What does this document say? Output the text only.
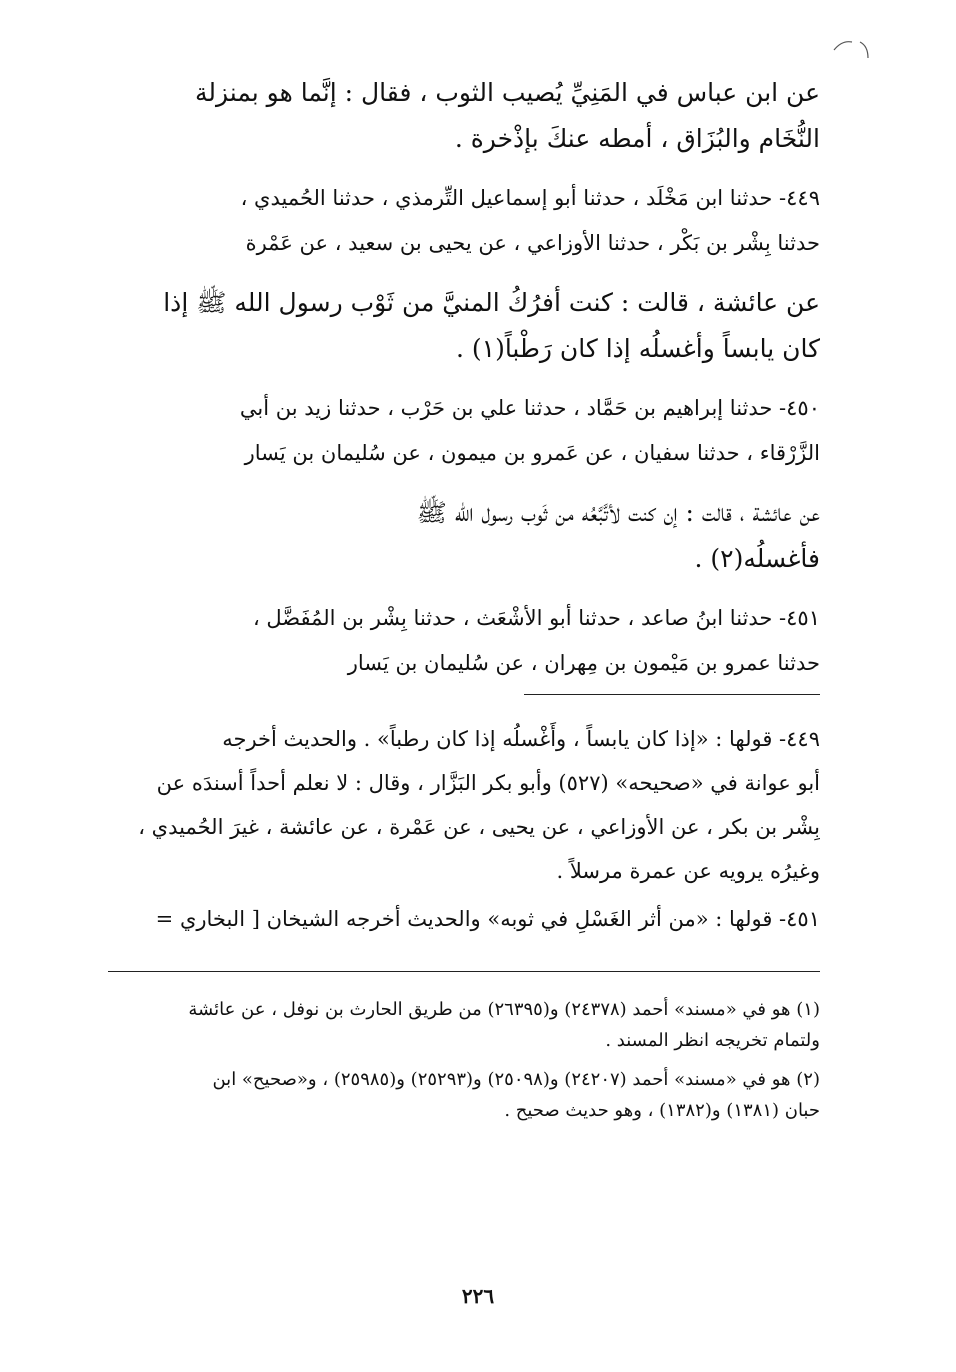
عن ابن عباس في المَنِيِّ يُصيب الثوب ، فقال : إنَّما هو بمنزلة
النُّخَام والبُزَاق ، أمطه عنكَ بإذْخرة .
٤٤٩- حدثنا ابن مَخْلَد ، حدثنا أبو إسماعيل التِّرمذي ، حدثنا الحُميدي ،
حدثنا بِشْر بن بَكْر ، حدثنا الأوزاعي ، عن يحيى بن سعيد ، عن عَمْرة
عن عائشة ، قالت : كنت أفرُكُ المنيَّ من ثَوْب رسول الله ﷺ إذا
كان يابساً وأغسلُه إذا كان رَطْباً(١) .
٤٥٠- حدثنا إبراهيم بن حَمَّاد ، حدثنا علي بن حَرْب ، حدثنا زيد بن أبي
الزَّرْقاء ، حدثنا سفيان ، عن عَمرو بن ميمون ، عن سُليمان بن يَسار
عن عائشة ، قالت : إن كنت لأتَّبَّعُه من ثَوب رسول الله ﷺ
فأغسلُه(٢) .
٤٥١- حدثنا ابنُ صاعد ، حدثنا أبو الأشْعَث ، حدثنا بِشْر بن المُفَضَّل ،
حدثنا عمرو بن مَيْمون بن مِهران ، عن سُليمان بن يَسار
٤٤٩- قولها : «إذا كان يابساً ، وأَغْسلُه إذا كان رطباً» . والحديث أخرجه
أبو عوانة في «صحيحه» (٥٢٧) وأبو بكر البَزَّار ، وقال : لا نعلم أحداً أسندَه عن
بِشْر بن بكر ، عن الأوزاعي ، عن يحيى ، عن عَمْرة ، عن عائشة ، غيرَ الحُميدي ،
وغيرُه يرويه عن عمرة مرسلاً .
٤٥١- قولها : «من أثر الغَسْلِ في ثوبه» والحديث أخرجه الشيخان [ البخاري =
(١) هو في «مسند» أحمد (٢٤٣٧٨) و(٢٦٣٩٥) من طريق الحارث بن نوفل ، عن عائشة
ولتمام تخريجه انظر المسند .
(٢) هو في «مسند» أحمد (٢٤٢٠٧) و(٢٥٠٩٨) و(٢٥٢٩٣) و(٢٥٩٨٥) ، و«صحيح» ابن
حبان (١٣٨١) و(١٣٨٢) ، وهو حديث صحيح .
٢٢٦
